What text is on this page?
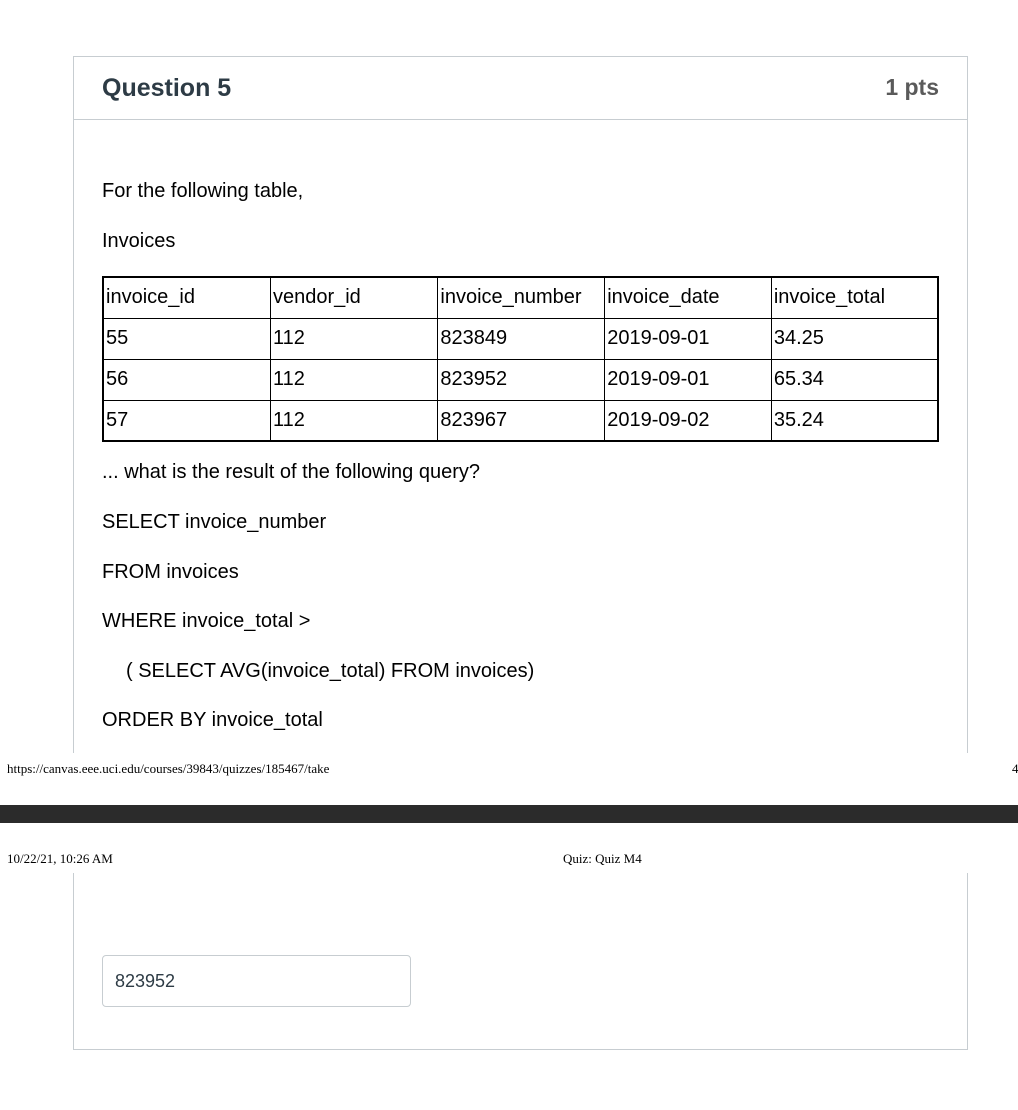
Question 5	1 pts
For the following table,
Invoices
invoice_id	vendor_id	invoice_number	invoice_date	invoice_total
55	112	823849	2019-09-01	34.25
56	112	823952	2019-09-01	65.34
57	112	823967	2019-09-02	35.24
... what is the result of the following query?
SELECT invoice_number
FROM invoices
WHERE invoice_total >
( SELECT AVG(invoice_total) FROM invoices)
ORDER BY invoice_total
https://canvas.eee.uci.edu/courses/39843/quizzes/185467/take	4
10/22/21, 10:26 AM	Quiz: Quiz M4
823952
